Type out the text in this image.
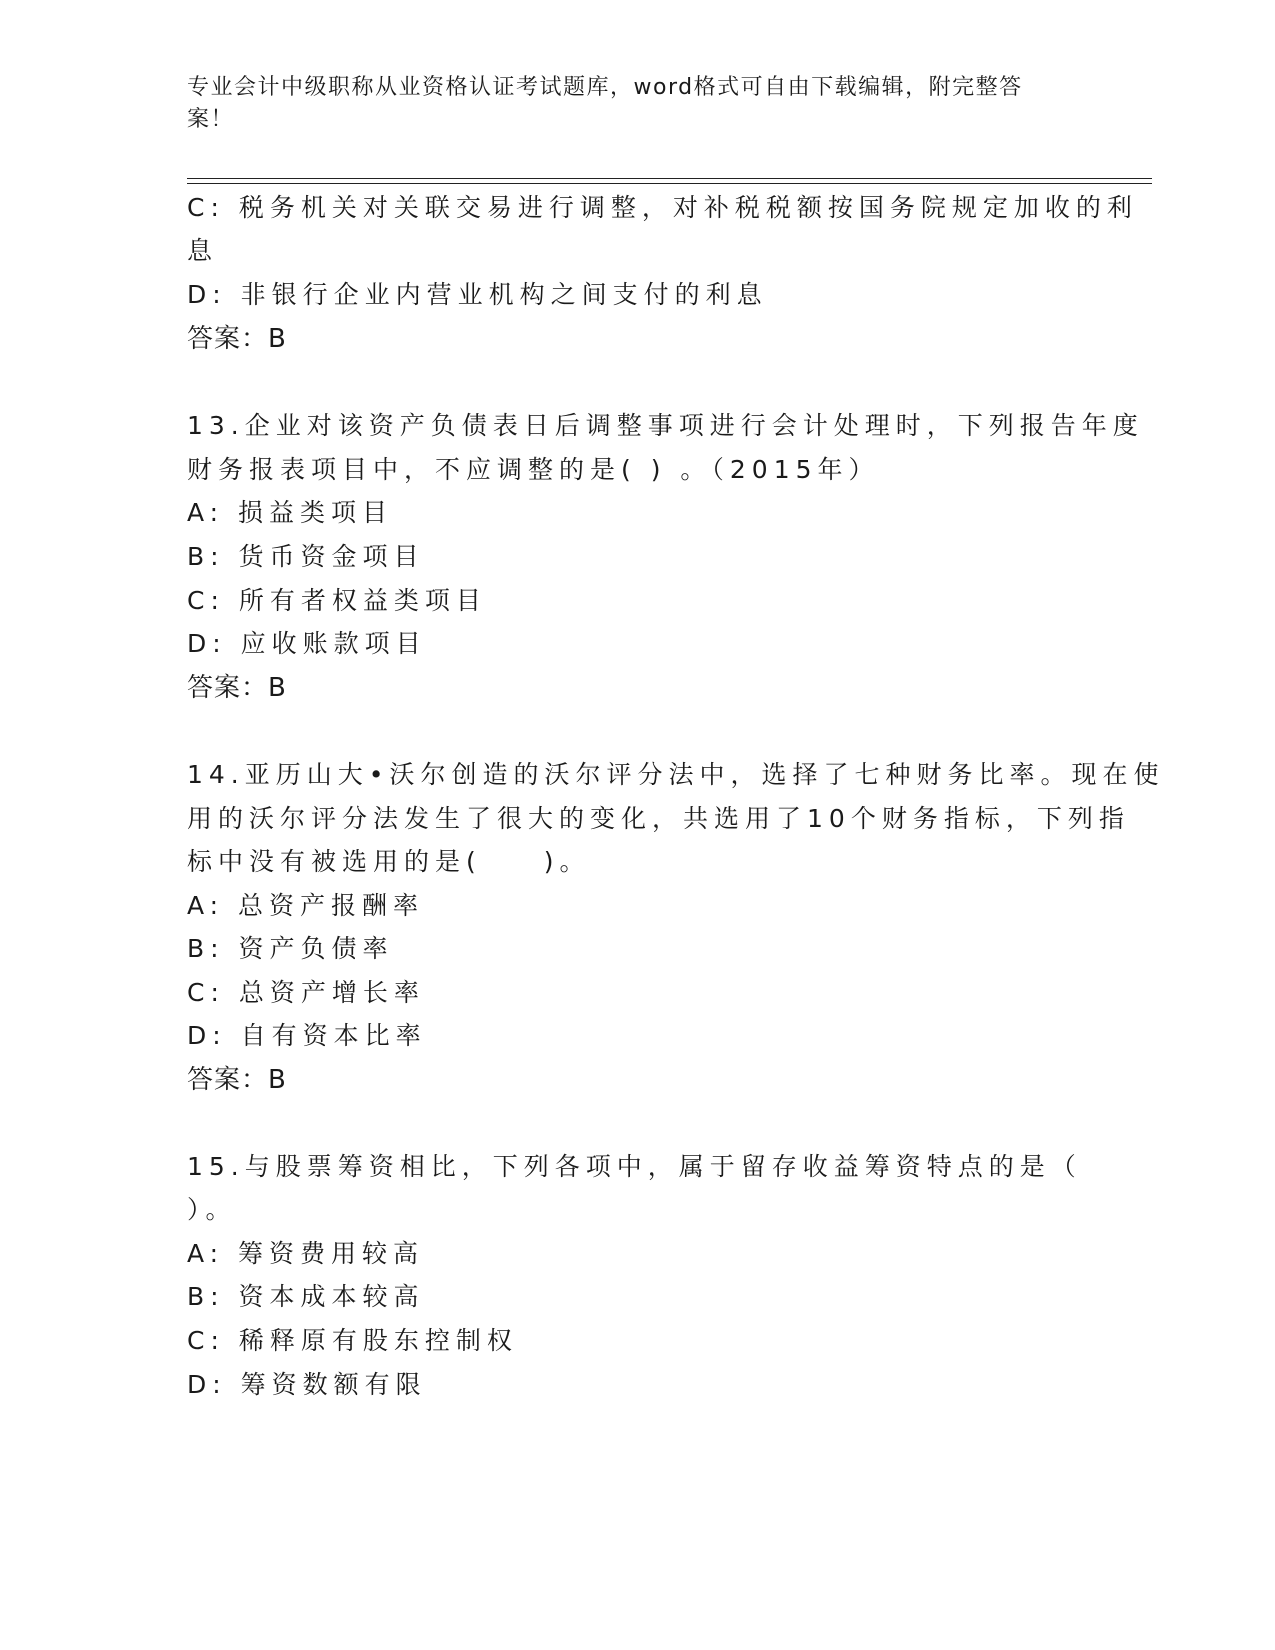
专业会计中级职称从业资格认证考试题库，word格式可自由下载编辑，附完整答案！
C: 税务机关对关联交易进行调整，对补税税额按国务院规定加收的利
息
D: 非银行企业内营业机构之间支付的利息
答案：B
13.企业对该资产负债表日后调整事项进行会计处理时，下列报告年度
财务报表项目中，不应调整的是( ) 。（2015年）
A: 损益类项目
B: 货币资金项目
C: 所有者权益类项目
D: 应收账款项目
答案：B
14.亚历山大•沃尔创造的沃尔评分法中，选择了七种财务比率。现在使
用的沃尔评分法发生了很大的变化，共选用了10个财务指标，下列指
标中没有被选用的是(　　)。
A: 总资产报酬率
B: 资产负债率
C: 总资产增长率
D: 自有资本比率
答案：B
15.与股票筹资相比，下列各项中，属于留存收益筹资特点的是（
）。
A: 筹资费用较高
B: 资本成本较高
C: 稀释原有股东控制权
D: 筹资数额有限
